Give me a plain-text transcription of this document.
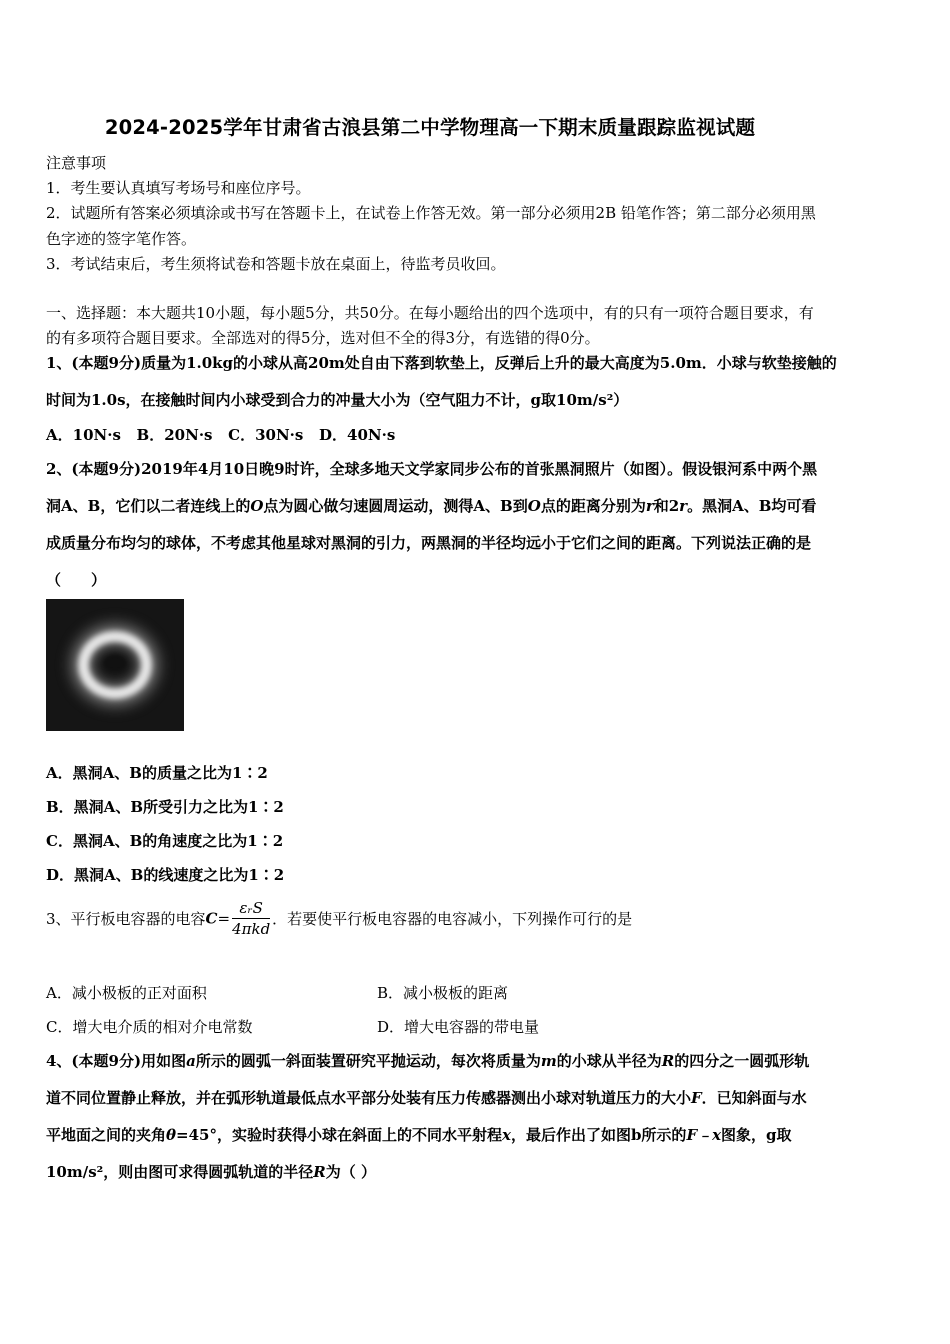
2024-2025学年甘肃省古浪县第二中学物理高一下期末质量跟踪监视试题
注意事项
1．考生要认真填写考场号和座位序号。
2．试题所有答案必须填涂或书写在答题卡上，在试卷上作答无效。第一部分必须用2B 铅笔作答；第二部分必须用黑
色字迹的签字笔作答。
3．考试结束后，考生须将试卷和答题卡放在桌面上，待监考员收回。
一、选择题：本大题共10小题，每小题5分，共50分。在每小题给出的四个选项中，有的只有一项符合题目要求，有
的有多项符合题目要求。全部选对的得5分，选对但不全的得3分，有选错的得0分。
1、(本题9分)质量为1.0kg的小球从高20m处自由下落到软垫上，反弹后上升的最大高度为5.0m．小球与软垫接触的
时间为1.0s，在接触时间内小球受到合力的冲量大小为（空气阻力不计，g取10m/s²）
A．10N·s   B．20N·s   C．30N·s   D．40N·s
2、(本题9分)2019年4月10日晚9时许，全球多地天文学家同步公布的首张黑洞照片（如图）。假设银河系中两个黑
洞A、B，它们以二者连线上的O点为圆心做匀速圆周运动，测得A、B到O点的距离分别为r和2r。黑洞A、B均可看
成质量分布均匀的球体，不考虑其他星球对黑洞的引力，两黑洞的半径均远小于它们之间的距离。下列说法正确的是
（　　）
A．黑洞A、B的质量之比为1∶2
B．黑洞A、B所受引力之比为1∶2
C．黑洞A、B的角速度之比为1∶2
D．黑洞A、B的线速度之比为1∶2
3、平行板电容器的电容$C= \frac{\text{εᵣS}}{\text{4πkd}}$ ．若要使平行板电容器的电容减小，下列操作可行的是
A．减小极板的正对面积	B．减小极板的距离
C．增大电介质的相对介电常数	D．增大电容器的带电量
4、(本题9分)用如图a所示的圆弧一斜面装置研究平抛运动，每次将质量为m的小球从半径为R的四分之一圆弧形轨
道不同位置静止释放，并在弧形轨道最低点水平部分处装有压力传感器测出小球对轨道压力的大小F．已知斜面与水
平地面之间的夹角θ=45°，实验时获得小球在斜面上的不同水平射程x，最后作出了如图b所示的F﹣x图象，g取
10m/s²，则由图可求得圆弧轨道的半径R为（ ）
